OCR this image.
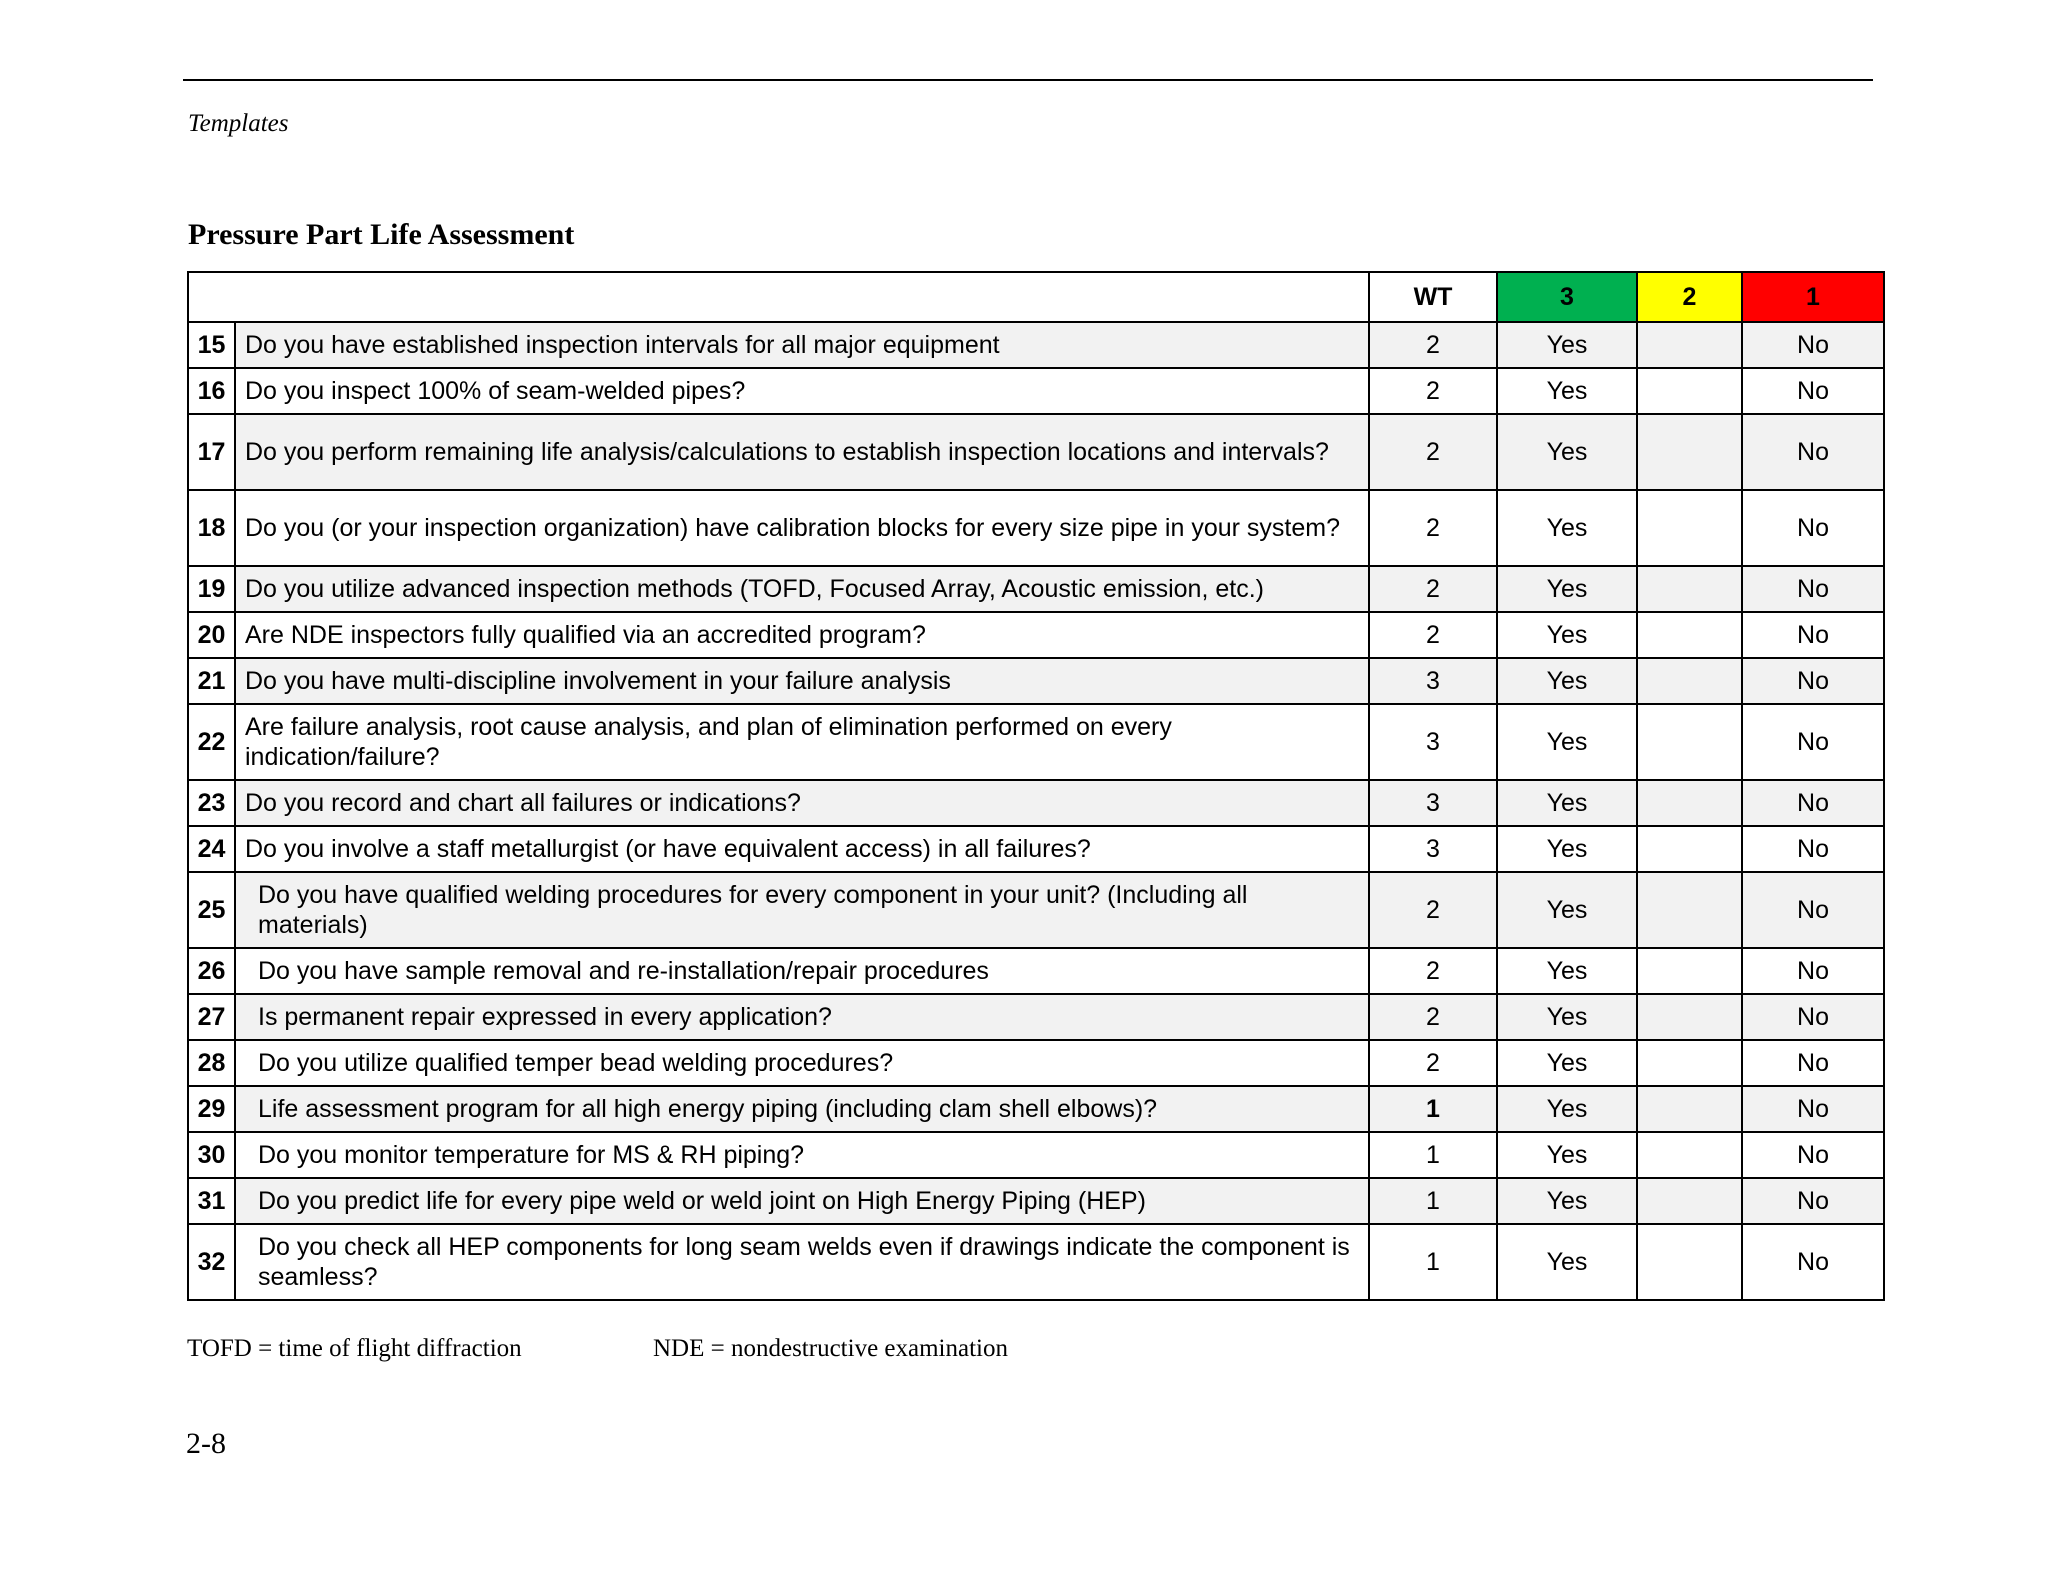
Templates
Pressure Part Life Assessment
		WT	3	2	1
15	Do you have established inspection intervals for all major equipment	2	Yes		No
16	Do you inspect 100% of seam-welded pipes?	2	Yes		No
17	Do you perform remaining life analysis/calculations to establish inspection locations and intervals?	2	Yes		No
18	Do you (or your inspection organization) have calibration blocks for every size pipe in your system?	2	Yes		No
19	Do you utilize advanced inspection methods (TOFD, Focused Array, Acoustic emission, etc.)	2	Yes		No
20	Are NDE inspectors fully qualified via an accredited program?	2	Yes		No
21	Do you have multi-discipline involvement in your failure analysis	3	Yes		No
22	Are failure analysis, root cause analysis, and plan of elimination performed on every indication/failure?	3	Yes		No
23	Do you record and chart all failures or indications?	3	Yes		No
24	Do you involve a staff metallurgist (or have equivalent access) in all failures?	3	Yes		No
25	Do you have qualified welding procedures for every component in your unit? (Including all materials)	2	Yes		No
26	Do you have sample removal and re-installation/repair procedures	2	Yes		No
27	Is permanent repair expressed in every application?	2	Yes		No
28	Do you utilize qualified temper bead welding procedures?	2	Yes		No
29	Life assessment program for all high energy piping (including clam shell elbows)?	1	Yes		No
30	Do you monitor temperature for MS & RH piping?	1	Yes		No
31	Do you predict life for every pipe weld or weld joint on High Energy Piping (HEP)	1	Yes		No
32	Do you check all HEP components for long seam welds even if drawings indicate the component is seamless?	1	Yes		No
TOFD = time of flight diffraction	NDE = nondestructive examination
2-8
